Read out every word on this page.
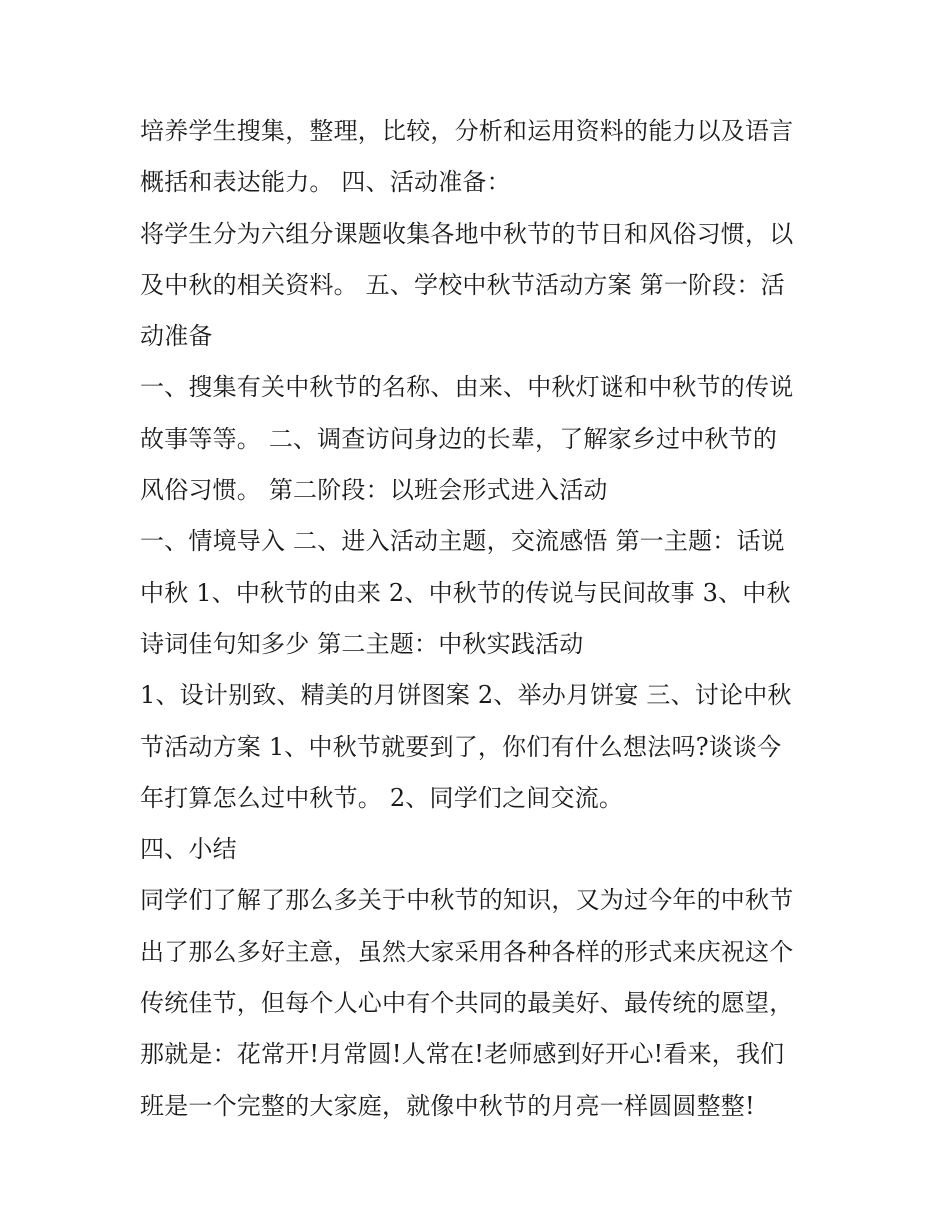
培养学生搜集，整理，比较，分析和运用资料的能力以及语言
概括和表达能力。 四、活动准备：
将学生分为六组分课题收集各地中秋节的节日和风俗习惯，以
及中秋的相关资料。 五、学校中秋节活动方案 第一阶段：活
动准备
一、搜集有关中秋节的名称、由来、中秋灯谜和中秋节的传说
故事等等。 二、调查访问身边的长辈，了解家乡过中秋节的
风俗习惯。 第二阶段：以班会形式进入活动
一、情境导入 二、进入活动主题，交流感悟 第一主题：话说
中秋 1、中秋节的由来 2、中秋节的传说与民间故事 3、中秋
诗词佳句知多少 第二主题：中秋实践活动
1、设计别致、精美的月饼图案 2、举办月饼宴 三、讨论中秋
节活动方案 1、中秋节就要到了，你们有什么想法吗?谈谈今
年打算怎么过中秋节。 2、同学们之间交流。
四、小结
同学们了解了那么多关于中秋节的知识，又为过今年的中秋节
出了那么多好主意，虽然大家采用各种各样的形式来庆祝这个
传统佳节，但每个人心中有个共同的最美好、最传统的愿望，
那就是：花常开!月常圆!人常在!老师感到好开心!看来，我们
班是一个完整的大家庭，就像中秋节的月亮一样圆圆整整!
